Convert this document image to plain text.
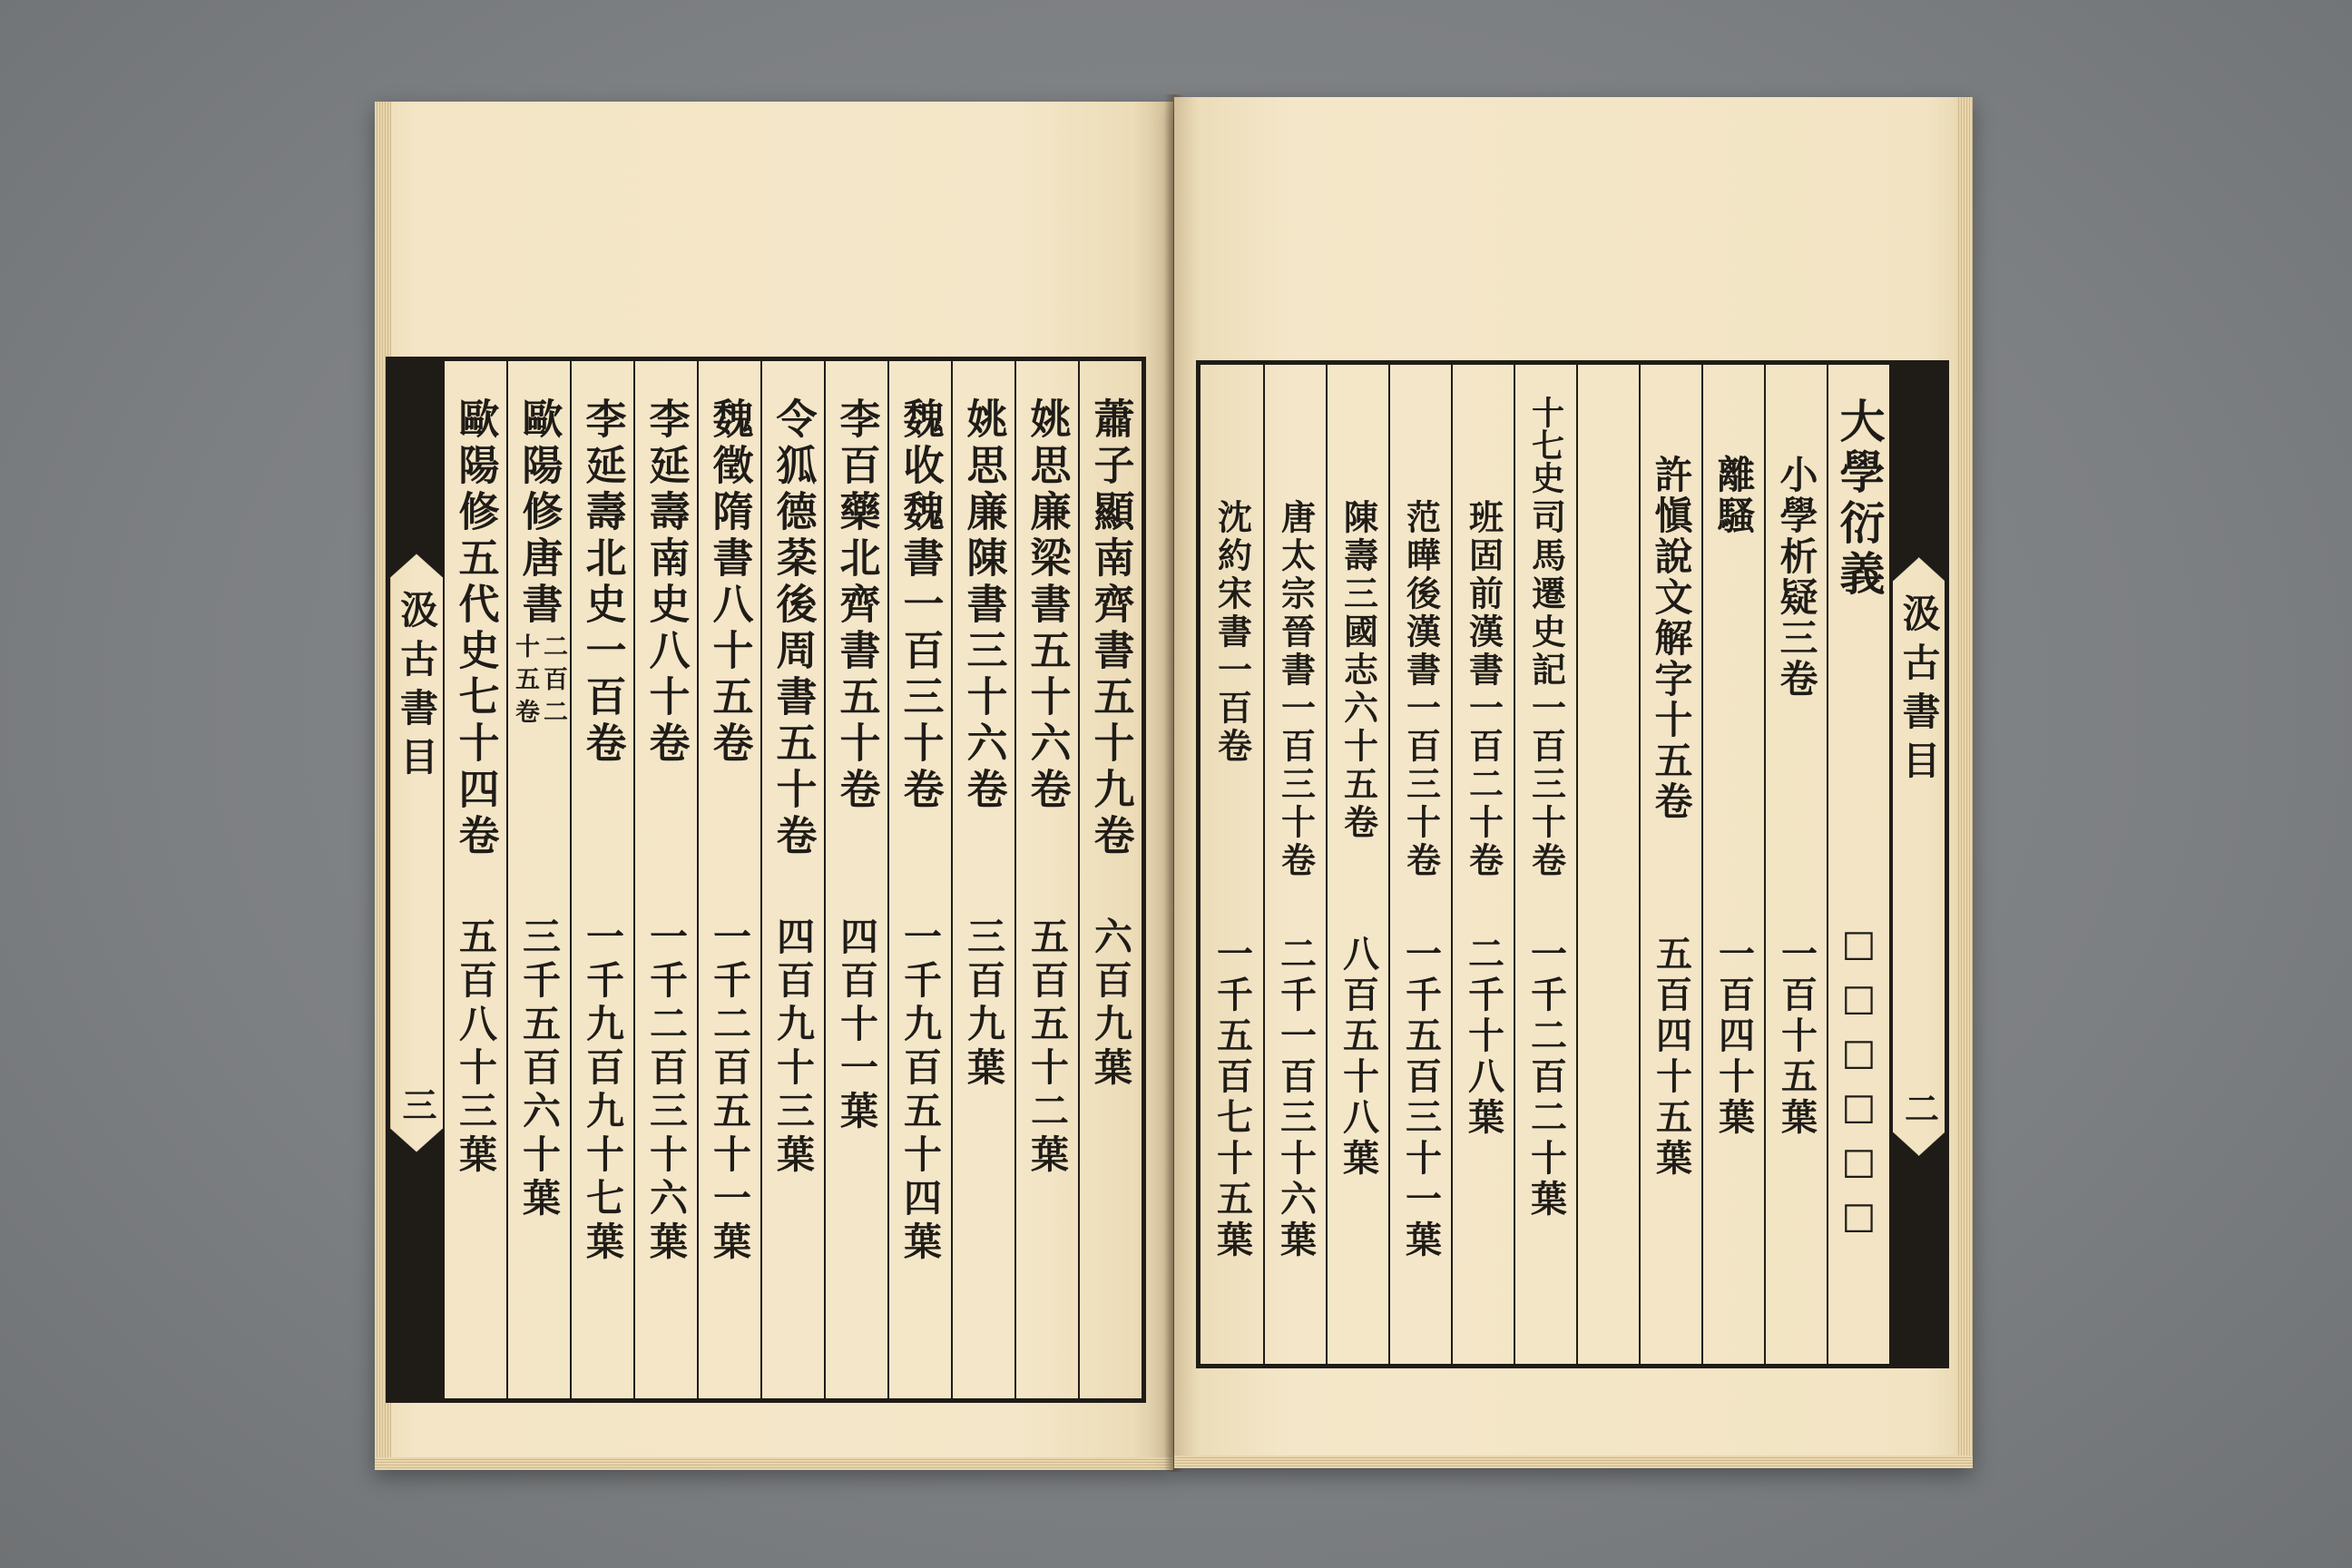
蕭子顯南齊書五十九卷
六百九葉
姚思廉梁書五十六卷
五百五十二葉
姚思廉陳書三十六卷
三百九葉
魏收魏書一百三十卷
一千九百五十四葉
李百藥北齊書五十卷
四百十一葉
令狐德棻後周書五十卷
四百九十三葉
魏徵隋書八十五卷
一千二百五十一葉
李延壽南史八十卷
一千二百三十六葉
李延壽北史一百卷
一千九百九十七葉
歐陽修唐書
二百二
十五卷
三千五百六十葉
歐陽修五代史七十四卷
五百八十三葉
汲古書目
三
汲古書目
二
大學衍義
□□□□□□
小學析疑三卷
一百十五葉
離騷
一百四十葉
許愼說文解字十五卷
五百四十五葉
十七史
司馬遷史記一百三十卷
一千二百二十葉
班固前漢書一百二十卷
二千十八葉
范曄後漢書一百三十卷
一千五百三十一葉
陳壽三國志六十五卷
八百五十八葉
唐太宗晉書一百三十卷
二千一百三十六葉
沈約宋書一百卷
一千五百七十五葉
